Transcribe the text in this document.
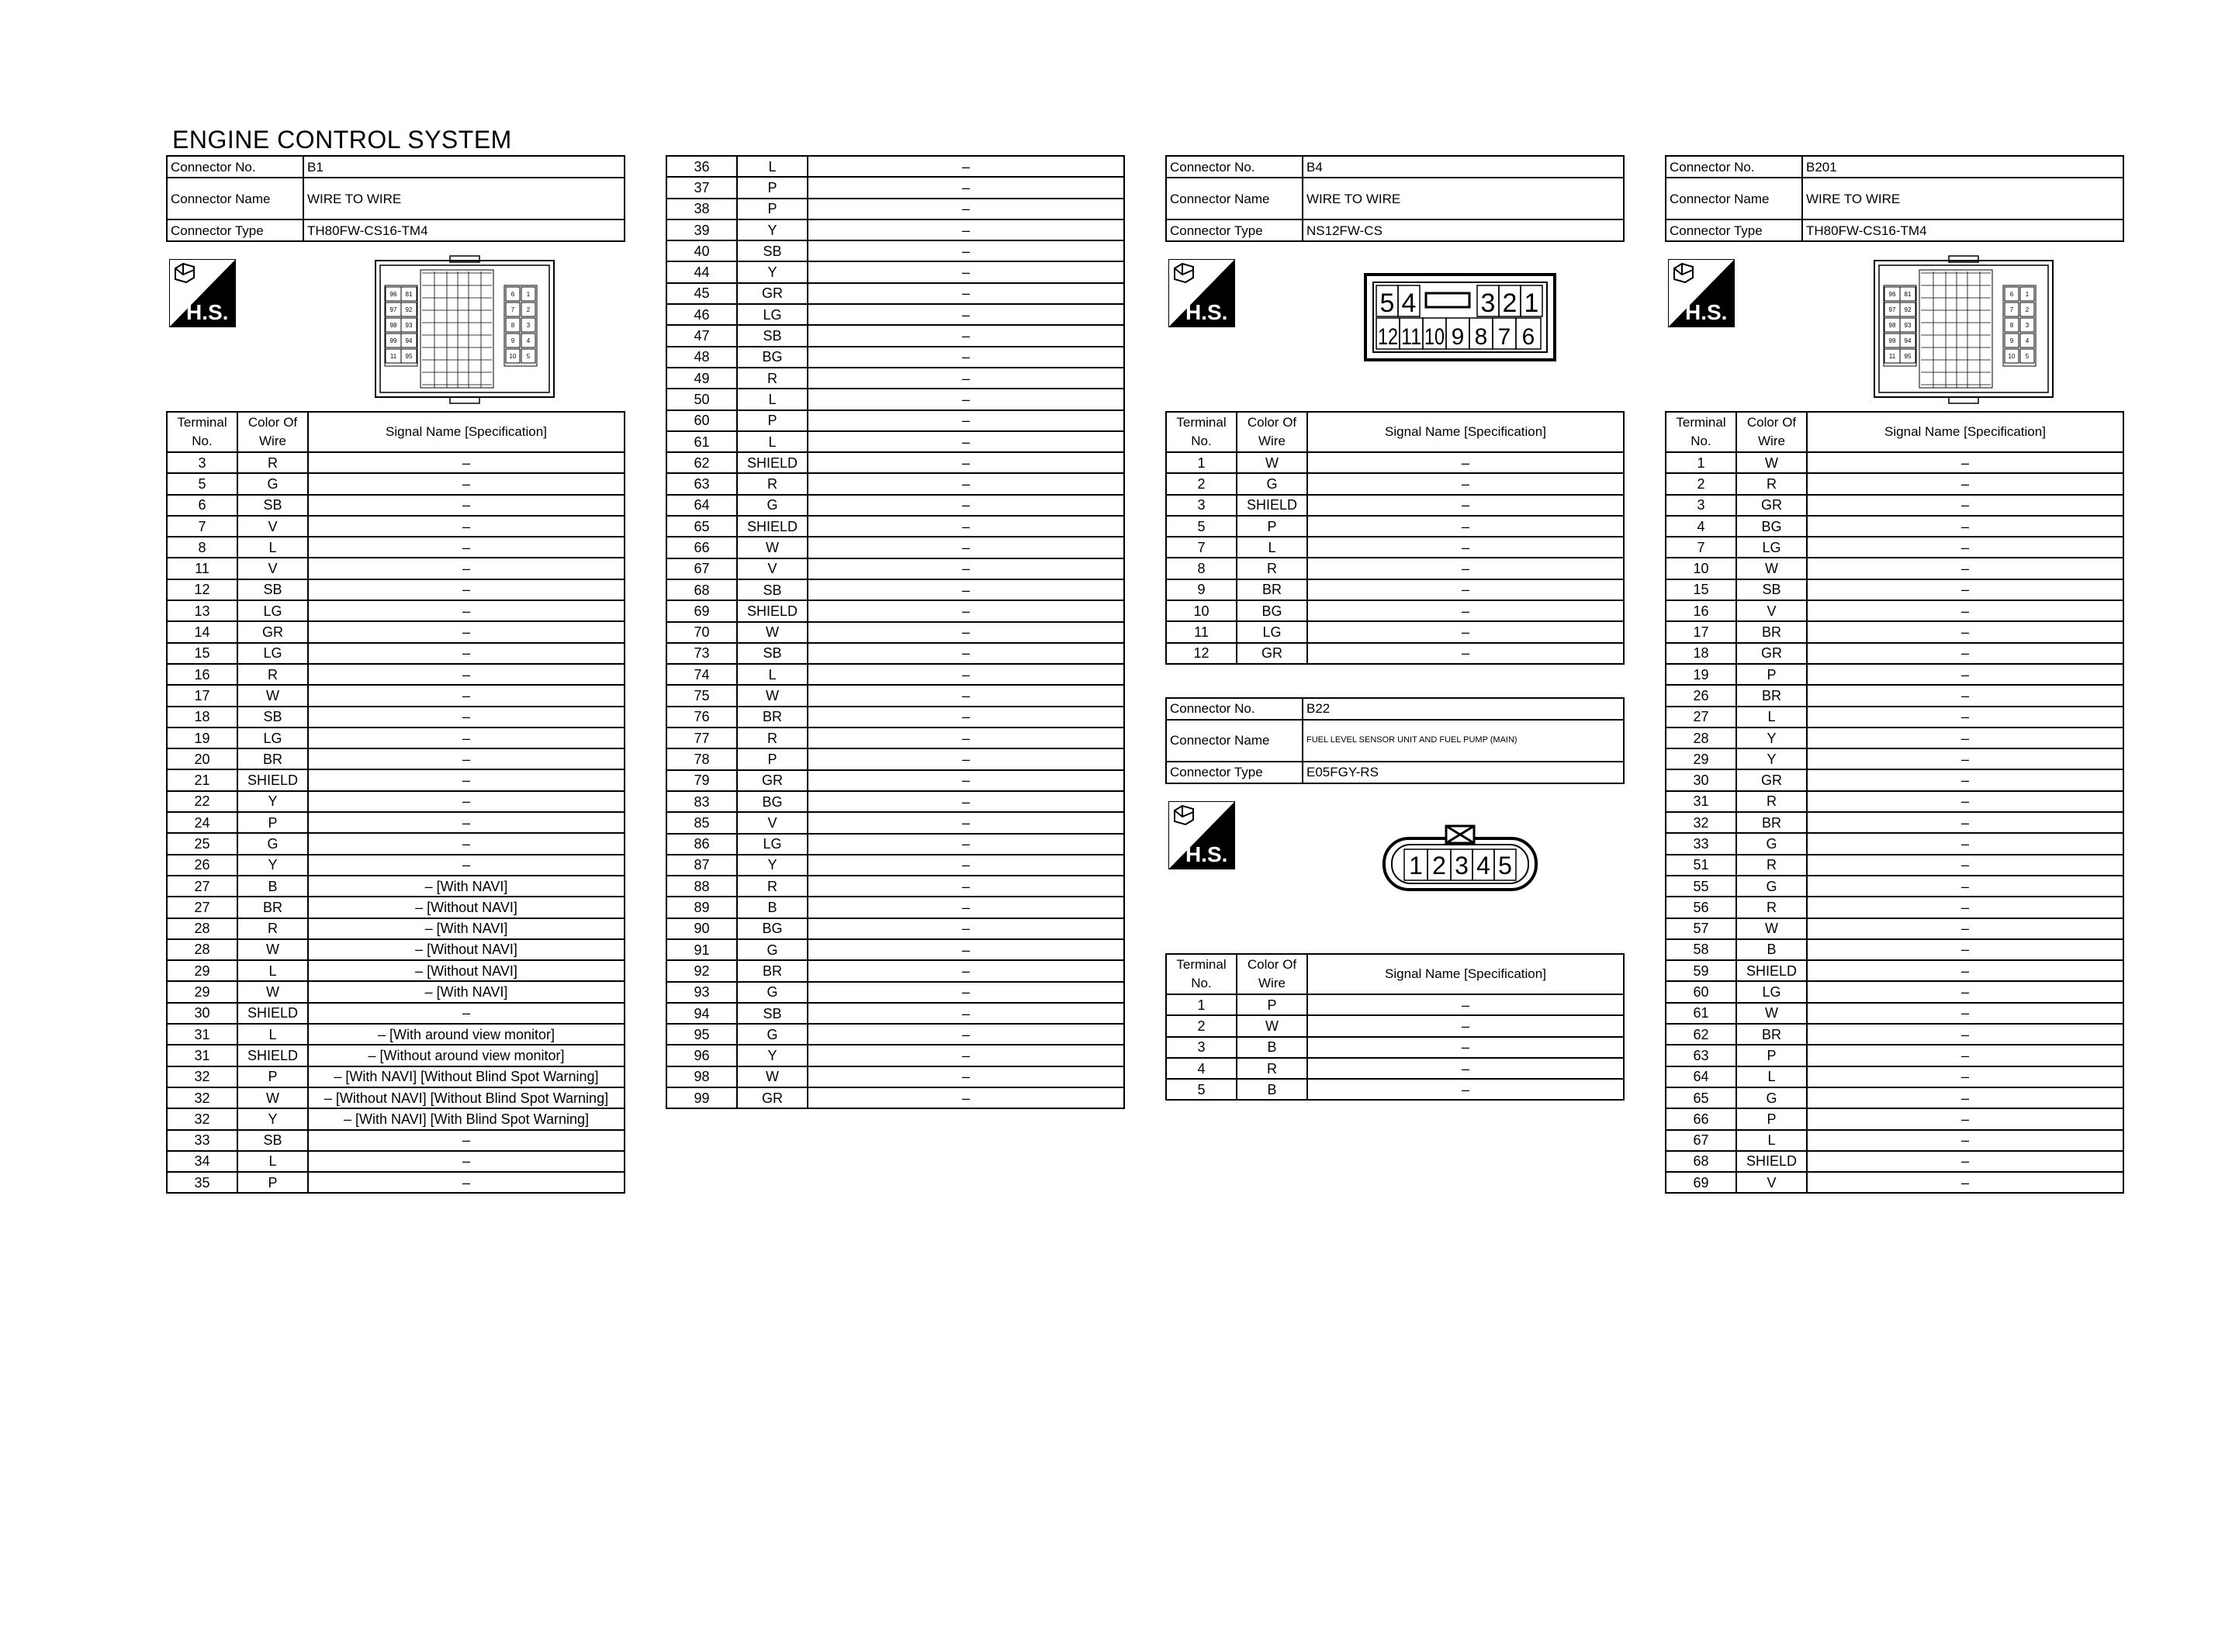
ENGINE CONTROL SYSTEM
Connector No.	B1
Connector Name	WIRE TO WIRE
Connector Type	TH80FW-CS16-TM4
H.S.
96 81
97 92
98 93
99 94
11 95
6 1
7 2
8 3
9 4
10 5
Terminal No.	Color Of Wire	Signal Name [Specification]
3	R	–
5	G	–
6	SB	–
7	V	–
8	L	–
11	V	–
12	SB	–
13	LG	–
14	GR	–
15	LG	–
16	R	–
17	W	–
18	SB	–
19	LG	–
20	BR	–
21	SHIELD	–
22	Y	–
24	P	–
25	G	–
26	Y	–
27	B	– [With NAVI]
27	BR	– [Without NAVI]
28	R	– [With NAVI]
28	W	– [Without NAVI]
29	L	– [Without NAVI]
29	W	– [With NAVI]
30	SHIELD	–
31	L	– [With around view monitor]
31	SHIELD	– [Without around view monitor]
32	P	– [With NAVI] [Without Blind Spot Warning]
32	W	– [Without NAVI] [Without Blind Spot Warning]
32	Y	– [With NAVI] [With Blind Spot Warning]
33	SB	–
34	L	–
35	P	–
36	L	–
37	P	–
38	P	–
39	Y	–
40	SB	–
44	Y	–
45	GR	–
46	LG	–
47	SB	–
48	BG	–
49	R	–
50	L	–
60	P	–
61	L	–
62	SHIELD	–
63	R	–
64	G	–
65	SHIELD	–
66	W	–
67	V	–
68	SB	–
69	SHIELD	–
70	W	–
73	SB	–
74	L	–
75	W	–
76	BR	–
77	R	–
78	P	–
79	GR	–
83	BG	–
85	V	–
86	LG	–
87	Y	–
88	R	–
89	B	–
90	BG	–
91	G	–
92	BR	–
93	G	–
94	SB	–
95	G	–
96	Y	–
98	W	–
99	GR	–
Connector No.	B4
Connector Name	WIRE TO WIRE
Connector Type	NS12FW-CS
H.S.	5 4 3 2 1
12 11 10 9 8 7 6
Terminal No.	Color Of Wire	Signal Name [Specification]
1	W	–
2	G	–
3	SHIELD	–
5	P	–
7	L	–
8	R	–
9	BR	–
10	BG	–
11	LG	–
12	GR	–
Connector No.	B22
Connector Name	FUEL LEVEL SENSOR UNIT AND FUEL PUMP (MAIN)
Connector Type	E05FGY-RS
H.S.	1 2 3 4 5
Terminal No.	Color Of Wire	Signal Name [Specification]
1	P	–
2	W	–
3	B	–
4	R	–
5	B	–
Connector No.	B201
Connector Name	WIRE TO WIRE
Connector Type	TH80FW-CS16-TM4
H.S.
96 81
97 92
98 93
99 94
11 95
6 1
7 2
8 3
9 4
10 5
Terminal No.	Color Of Wire	Signal Name [Specification]
1	W	–
2	R	–
3	GR	–
4	BG	–
7	LG	–
10	W	–
15	SB	–
16	V	–
17	BR	–
18	GR	–
19	P	–
26	BR	–
27	L	–
28	Y	–
29	Y	–
30	GR	–
31	R	–
32	BR	–
33	G	–
51	R	–
55	G	–
56	R	–
57	W	–
58	B	–
59	SHIELD	–
60	LG	–
61	W	–
62	BR	–
63	P	–
64	L	–
65	G	–
66	P	–
67	L	–
68	SHIELD	–
69	V	–
